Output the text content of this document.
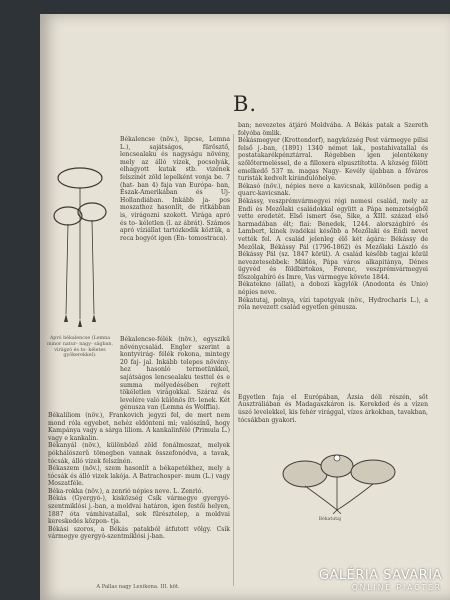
B.

Békalencse (növ.), lipcse, Lemna L.), sajátságos, fürösztő, lencsealaku és nagyságu növény, mely az álló vizek, pocsolyák, elhagyott kutak stb. vizének felszínét zöld lepelként vonja be. 7 (hat- ban 4) faja van Európa- ban, Észak-Amerikában és Uj-Hollandiában. Inkább ja- pos moszathoz hasonlít, de ritkábban is, virágozni szokott. Virága apró és to- kéletlen (l. az ábrát). Számos apró víziállat tartózkodik köztük, a reca bogyót igen (En- tomostraca).

Békalencse-félék (növ.), egyszikű növénycsalád. Engler szerint a kontyvirág- félék rokona, mintegy 20 faj- jal. Inkább telepes növény- hez hasonló termetünkkel, sajátságos lencsealaku testtel és e summa mélyedésében rejtett tökéletlen virágokkal. Száraz és levelére való különös ítt- lenek. Két génusza van (Lemna és Wolffia).

Békaliliom (növ.), Frankovich jegyzi fel, de mert nem mond róla egyebet, nehéz eldönteni mi; valószínű, hogy Kampánya vagy a sárga liliom. A kankalinfélé (Primula L.) vagy e kankalin.

Békanyál (növ.), különböző zöld fonálmoszat, melyek pókhálószerű tömegben vannak összefonódva, a tavak, tócsák, álló vizek felszínén.

Békaszem (növ.), szem hasonlít a békapetékhez, mely a tócsák és álló vizek lakója. A Batrachosper- mum (L.) vagy Moszatféle.

Béka-rokka (növ.), a zenrió népies neve. L. Zenrió.

Békás (Gyergyó-), kisközség Csík vármegye gyergyó-szentmiklósi j.-ban, a moldvai határon, igen festői helyen, 1887 óta vámhivatallal, sok fűrésztelep, a moldvai kereskedés közpon- tja.

Békási szoros, a Békás patakból átfutott völgy. Csík vármegye gyergyó-szentmiklósi j-ban.

ban; nevezetes átjáró Moldvába. A Békás patak a Szereth folyóba ömlik.

Békásmegyer (Krottendorf), nagyközség Pest vármegye pilisi felső j.-ban, (1891) 1340 német lak., postahivatallal és postatakarékpénztárral. Régebben igen jelentékeny szőlőtermeléssel, de a filloxera elpusztította. A község fölött emelkedő 537 m. magas Nagy- Kevély újabban a főváros turisták kedvelt kirándulóhelye.

Békasó (növ.), népies neve a kavicsnak, különösen pedig a quarc-kavicsnak.

Békássy, veszprémvármegyei régi nemesi család, mely az Endi és Mezőlaki családokkal együtt a Pápa nemzetségből vette eredetét. Első ismert őse, Sike, a XIII. század első harmadában élt; fiai: Benedek, 1244. alországbíró és Lambert, kinek ivadékai később a Mezőlaki és Endi nevet vették fel. A család jelenleg élő két ágára: Békássy de Mezőlak, Békássy Pál (1796-1862) és Mezőlaki László és Békássy Pál (sz. 1847 körül). A család később tagjai közül nevezetesebbek: Miklós, Pápa város alkapitánya, Dénes ügyvéd és földbirtokos, Ferenc, veszprémvármegyei főszolgabíró és Imre, Vas vármegye követe 1844.

Békatekno (állat), a dobozi kagylók (Anodonta és Unio) népies neve.

Békatutaj, polnya, vízi tapotgyak (növ., Hydrocharis L.), a róla nevezett család egyetlen génusza.

Egyetlen faja el Európában, Ázsia déli részén, sőt Ausztráliában és Madagaszkáron is. Kerekded és a vízen úszó levelekkel, kis fehér virággal, vízes árkokban, tavakban, tócsákban gyakori.

Apró békalencse (Lemna minor natur- nagy- ságban, virágzó és to- kéletes gyökerekkel).
Békatutaj
A Pallas nagy Lexikona. III. köt.
GALÉRIA SAVARIA
ONLINE PIACTÉR
